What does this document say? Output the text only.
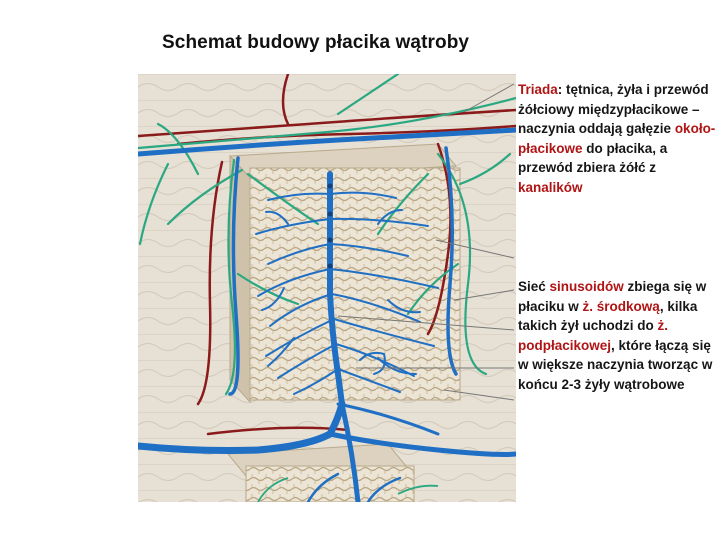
Schemat budowy płacika wątroby
Triada: tętnica, żyła i przewód żółciowy międzypłacikowe – naczynia oddają gałęzie około-płacikowe do płacika, a przewód zbiera żółć z kanalików
Sieć sinusoidów zbiega się w płaciku w ż. środkową, kilka takich żył uchodzi do ż. podpłacikowej, które łączą się w większe naczynia tworząc w końcu 2-3 żyły wątrobowe
